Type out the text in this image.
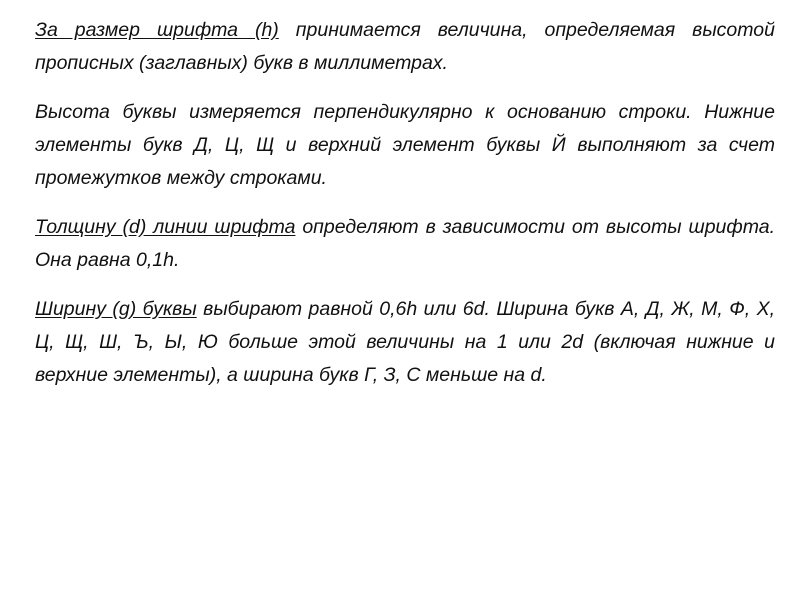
За размер шрифта (h) принимается величина, определяемая высотой прописных (заглавных) букв в миллиметрах.

Высота буквы измеряется перпендикулярно к основанию строки. Нижние элементы букв Д, Ц, Щ и верхний элемент буквы Й выполняют за счет промежутков между строками.

Толщину (d) линии шрифта определяют в зависимости от высоты шрифта. Она равна 0,1h.

Ширину (g) буквы выбирают равной 0,6h или 6d. Ширина букв А, Д, Ж, М, Ф, Х, Ц, Щ, Ш, Ъ, Ы, Ю больше этой величины на 1 или 2d (включая нижние и верхние элементы), а ширина букв Г, З, С меньше на d.
